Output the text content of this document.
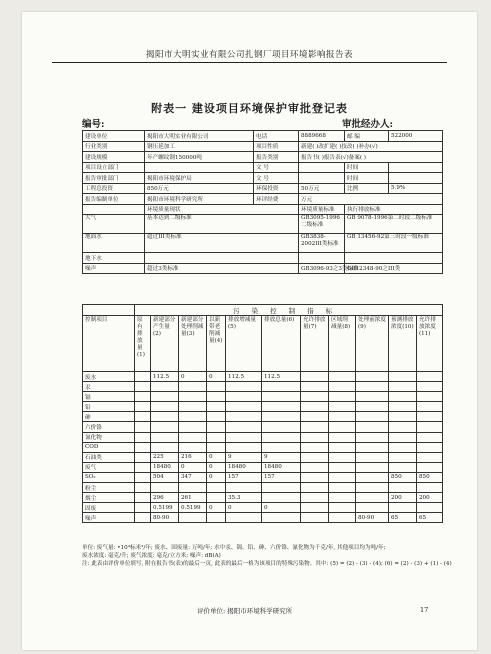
揭阳市大明实业有限公司扎钢厂项目环境影响报告表
附表一 建设项目环境保护审批登记表
编号:	审批经办人:
建设单位	揭阳市大明实业有限公司	电话	8889668	邮 编	522000
行业类别	钢压延加工	项目性质	新建( )改扩建( )技改( )补办(√)		
建设规模	年产螺纹钢150000吨	报告类别	报告书( )报告表(√)备案( )		
项目设立部门		文 号		时间	
报告审批部门	揭阳市环境保护局	文 号		时间	
工程总投资	850万元	环保投资	50万元	比例	5.9%
报告编制单位	揭阳市环境科学研究所	环评经费	万元		
	环境质量现状		环境质量标准	执行排放标准	
大气	基本达到二级标准		GB3095-1996二级标准	GB 9078-1996第二时段二级标准	
地面水	超过III类标准		GB3838-2002III类标准	GB 13456-92第三时段一级标准	
地下水					
噪声	超过3类标准		GB3096-93之3类标准	GB12348-90之III类	
	污染控制指标										
控制项目	原有排放量(1)	新建部分产生量(2)	新建部分处理削减量(3)	以新带老削减量(4)	排放增减量(5)	排放总量(6)	允许排放量(7)	区域削减量(8)	处理前浓度(9)	预测排放浓度(10)	允许排放浓度(11)
废水		112.5	0	0	112.5	112.5					
汞											
镉											
铅											
砷											
六价铬											
氰化物											
COD											
石油类		225	216	0	9	9					
废气		18480	0	0	18480	18480					
SO₂		504	347	0	157	157				850	850
粉尘											
烟尘		296	261		35.3					200	200
固废		0.5199	0.5199	0	0	0					
噪声		80-90							80-90	65	65
单位: 废气量: •10⁴标米³/年; 废水、固废量: 万吨/年; 水中汞、镉、铅、砷、六价铬、氰化物为千克/年, 其他项目均为吨/年;
废水浓度: 毫克/升; 废气浓度: 毫克/立方米; 噪声: dB(A)
注: 此表由评价单位填写, 附在报告书(表)的最后一页, 此表的最后一格为该项目的特殊污染物。其中: (5) = (2) - (3) - (4); (6) = (2) - (3) + (1) - (4)
评价单位: 揭阳市环境科学研究所	17
